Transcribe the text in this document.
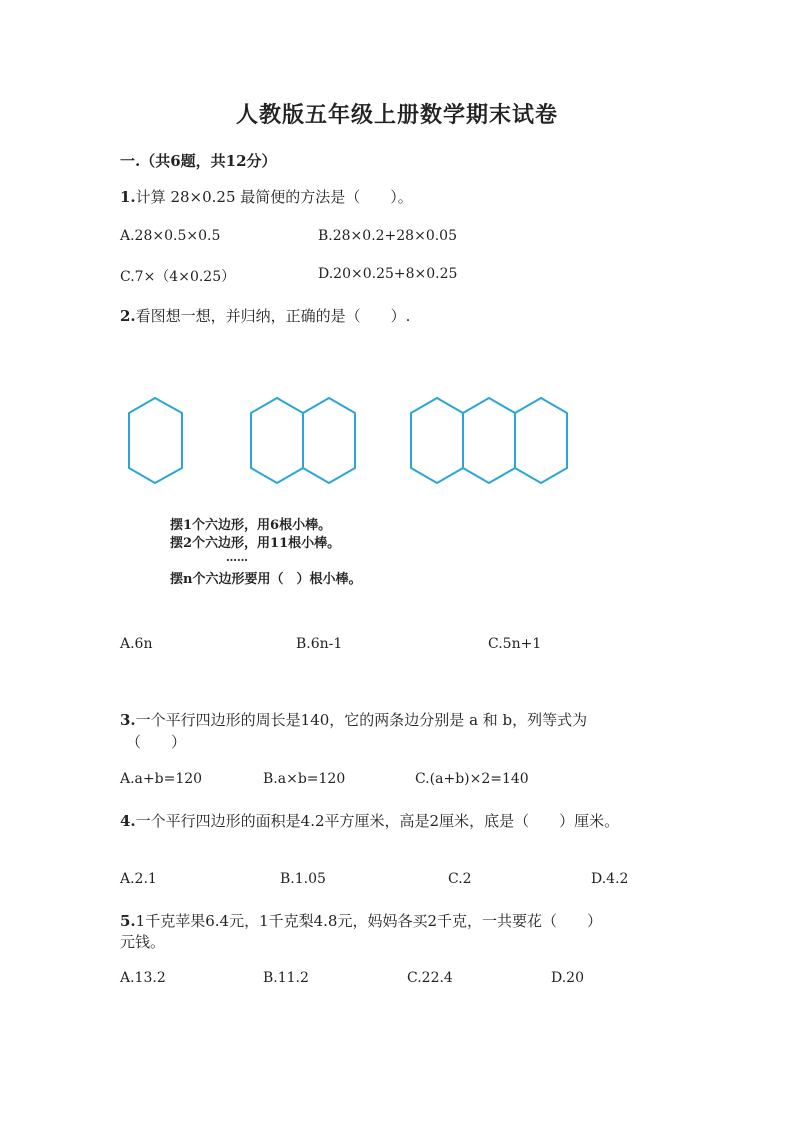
人教版五年级上册数学期末试卷
一.（共6题，共12分）
1.计算 28×0.25 最简便的方法是（　　）。
A.28×0.5×0.5	B.28×0.2+28×0.05
C.7×（4×0.25）	D.20×0.25+8×0.25
2.看图想一想，并归纳，正确的是（　　）.
摆1个六边形，用6根小棒。
摆2个六边形，用11根小棒。
……
摆n个六边形要用（　）根小棒。
A.6n	B.6n-1	C.5n+1
3.一个平行四边形的周长是140，它的两条边分别是 a 和 b，列等式为
（　　）
A.a+b=120	B.a×b=120	C.(a+b)×2=140
4.一个平行四边形的面积是4.2平方厘米，高是2厘米，底是（　　）厘米。
A.2.1	B.1.05	C.2	D.4.2
5.1千克苹果6.4元，1千克梨4.8元，妈妈各买2千克，一共要花（　　）
元钱。
A.13.2	B.11.2	C.22.4	D.20
